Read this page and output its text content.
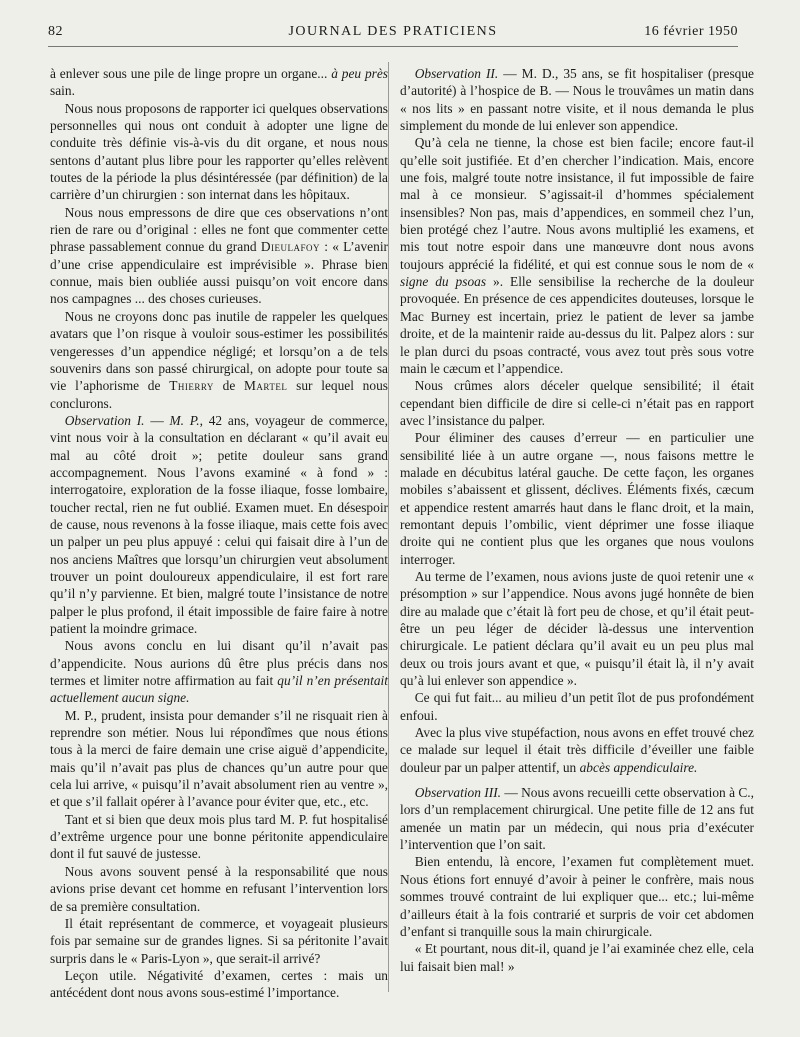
82	JOURNAL DES PRATICIENS	16 février 1950

à enlever sous une pile de linge propre un organe... à peu près sain.

Nous nous proposons de rapporter ici quelques observations personnelles qui nous ont conduit à adopter une ligne de conduite très définie vis-à-vis du dit organe, et nous nous sentons d’autant plus libre pour les rapporter qu’elles relèvent toutes de la période la plus désintéressée (par définition) de la carrière d’un chirurgien : son internat dans les hôpitaux.

Nous nous empressons de dire que ces observations n’ont rien de rare ou d’original : elles ne font que commenter cette phrase passablement connue du grand Dieulafoy : « L’avenir d’une crise appendiculaire est imprévisible ». Phrase bien connue, mais bien oubliée aussi puisqu’on voit encore dans nos campagnes ... des choses curieuses.

Nous ne croyons donc pas inutile de rappeler les quelques avatars que l’on risque à vouloir sous-estimer les possibilités vengeresses d’un appendice négligé; et lorsqu’on a de tels souvenirs dans son passé chirurgical, on adopte pour toute sa vie l’aphorisme de Thierry de Martel sur lequel nous conclurons.

Observation I. — M. P., 42 ans, voyageur de commerce, vint nous voir à la consultation en déclarant « qu’il avait eu mal au côté droit »; petite douleur sans grand accompagnement. Nous l’avons examiné « à fond » : interrogatoire, exploration de la fosse iliaque, fosse lombaire, toucher rectal, rien ne fut oublié. Examen muet. En désespoir de cause, nous revenons à la fosse iliaque, mais cette fois avec un palper un peu plus appuyé : celui qui faisait dire à l’un de nos anciens Maîtres que lorsqu’un chirurgien veut absolument trouver un point douloureux appendiculaire, il est fort rare qu’il n’y parvienne. Et bien, malgré toute l’insistance de notre palper le plus profond, il était impossible de faire faire à notre patient la moindre grimace.

Nous avons conclu en lui disant qu’il n’avait pas d’appendicite. Nous aurions dû être plus précis dans nos termes et limiter notre affirmation au fait qu’il n’en présentait actuellement aucun signe.

M. P., prudent, insista pour demander s’il ne risquait rien à reprendre son métier. Nous lui répondîmes que nous étions tous à la merci de faire demain une crise aiguë d’appendicite, mais qu’il n’avait pas plus de chances qu’un autre pour que cela lui arrive, « puisqu’il n’avait absolument rien au ventre », et que s’il fallait opérer à l’avance pour éviter que, etc., etc.

Tant et si bien que deux mois plus tard M. P. fut hospitalisé d’extrême urgence pour une bonne péritonite appendiculaire dont il fut sauvé de justesse.

Nous avons souvent pensé à la responsabilité que nous avions prise devant cet homme en refusant l’intervention lors de sa première consultation.

Il était représentant de commerce, et voyageait plusieurs fois par semaine sur de grandes lignes. Si sa péritonite l’avait surpris dans le « Paris-Lyon », que serait-il arrivé?

Leçon utile. Négativité d’examen, certes : mais un antécédent dont nous avons sous-estimé l’importance.

Observation II. — M. D., 35 ans, se fit hospitaliser (presque d’autorité) à l’hospice de B. — Nous le trouvâmes un matin dans « nos lits » en passant notre visite, et il nous demanda le plus simplement du monde de lui enlever son appendice.

Qu’à cela ne tienne, la chose est bien facile; encore faut-il qu’elle soit justifiée. Et d’en chercher l’indication. Mais, encore une fois, malgré toute notre insistance, il fut impossible de faire mal à ce monsieur. S’agissait-il d’hommes spécialement insensibles? Non pas, mais d’appendices, en sommeil chez l’un, bien protégé chez l’autre. Nous avons multiplié les examens, et mis tout notre espoir dans une manœuvre dont nous avons toujours apprécié la fidélité, et qui est connue sous le nom de « signe du psoas ». Elle sensibilise la recherche de la douleur provoquée. En présence de ces appendicites douteuses, lorsque le Mac Burney est incertain, priez le patient de lever sa jambe droite, et de la maintenir raide au-dessus du lit. Palpez alors : sur le plan durci du psoas contracté, vous avez tout près sous votre main le cæcum et l’appendice.

Nous crûmes alors déceler quelque sensibilité; il était cependant bien difficile de dire si celle-ci n’était pas en rapport avec l’insistance du palper.

Pour éliminer des causes d’erreur — en particulier une sensibilité liée à un autre organe —, nous faisons mettre le malade en décubitus latéral gauche. De cette façon, les organes mobiles s’abaissent et glissent, déclives. Éléments fixés, cæcum et appendice restent amarrés haut dans le flanc droit, et la main, remontant depuis l’ombilic, vient déprimer une fosse iliaque droite qui ne contient plus que les organes que nous voulons interroger.

Au terme de l’examen, nous avions juste de quoi retenir une « présomption » sur l’appendice. Nous avons jugé honnête de bien dire au malade que c’était là fort peu de chose, et qu’il était peut-être un peu léger de décider là-dessus une intervention chirurgicale. Le patient déclara qu’il avait eu un peu plus mal deux ou trois jours avant et que, « puisqu’il était là, il n’y avait qu’à lui enlever son appendice ».

Ce qui fut fait... au milieu d’un petit îlot de pus profondément enfoui.

Avec la plus vive stupéfaction, nous avons en effet trouvé chez ce malade sur lequel il était très difficile d’éveiller une faible douleur par un palper attentif, un abcès appendiculaire.

Observation III. — Nous avons recueilli cette observation à C., lors d’un remplacement chirurgical. Une petite fille de 12 ans fut amenée un matin par un médecin, qui nous pria d’exécuter l’intervention que l’on sait.

Bien entendu, là encore, l’examen fut complètement muet. Nous étions fort ennuyé d’avoir à peiner le confrère, mais nous sommes trouvé contraint de lui expliquer que... etc.; lui-même d’ailleurs était à la fois contrarié et surpris de voir cet abdomen d’enfant si tranquille sous la main chirurgicale.

« Et pourtant, nous dit-il, quand je l’ai examinée chez elle, cela lui faisait bien mal! »
